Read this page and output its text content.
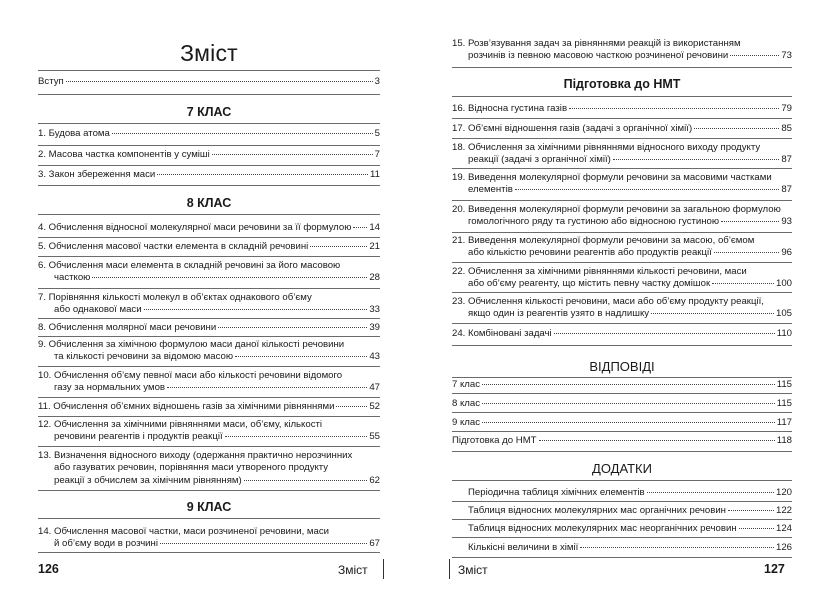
Зміст
Вступ	3
7 КЛАС
1. Будова атома	5
2. Масова частка компонентів у суміші	7
3. Закон збереження маси	11
8 КЛАС
4. Обчислення відносної молекулярної маси речовини за її формулою 14
5. Обчислення масової частки елемента в складній речовині	21
6. Обчислення маси елемента в складній речовині за його масовою
часткою	28
7. Порівняння кількості молекул в об’єктах однакового об’єму
або однакової маси	33
8. Обчислення молярної маси речовини	39
9. Обчислення за хімічною формулою маси даної кількості речовини
та кількості речовини за відомою масою	43
10. Обчислення об’єму певної маси або кількості речовини відомого
газу за нормальних умов	47
11. Обчислення об’ємних відношень газів за хімічними рівняннями	52
12. Обчислення за хімічними рівняннями маси, об’єму, кількості
речовини реагентів і продуктів реакції	55
13. Визначення відносного виходу (одержання практично нерозчинних
або газуватих речовин, порівняння маси утвореного продукту
реакції з обчислем за хімічним рівнянням)	62
9 КЛАС
14. Обчислення масової частки, маси розчиненої речовини, маси
й об’єму води в розчині	67
126	Зміст
15. Розв’язування задач за рівняннями реакцій із використанням
розчинів із певною масовою часткою розчиненої речовини	73
Підготовка до НМТ
16. Відносна густина газів	79
17. Об’ємні відношення газів (задачі з органічної хімії)	85
18. Обчислення за хімічними рівняннями відносного виходу продукту
реакції (задачі з органічної хімії)	87
19. Виведення молекулярної формули речовини за масовими частками
елементів	87
20. Виведення молекулярної формули речовини за загальною формулою
гомологічного ряду та густиною або відносною густиною	93
21. Виведення молекулярної формули речовини за масою, об’ємом
або кількістю речовини реагентів або продуктів реакції	96
22. Обчислення за хімічними рівняннями кількості речовини, маси
або об’єму реагенту, що містить певну частку домішок	100
23. Обчислення кількості речовини, маси або об’єму продукту реакції,
якщо один із реагентів узято в надлишку	105
24. Комбіновані задачі	110
ВІДПОВІДІ
7 клас	115
8 клас	115
9 клас	117
Підготовка до НМТ	118
ДОДАТКИ
Періодична таблиця хімічних елементів	120
Таблиця відносних молекулярних мас органічних речовин	122
Таблиця відносних молекулярних мас неорганічних речовин	124
Кількісні величини в хімії	126
Зміст	127
